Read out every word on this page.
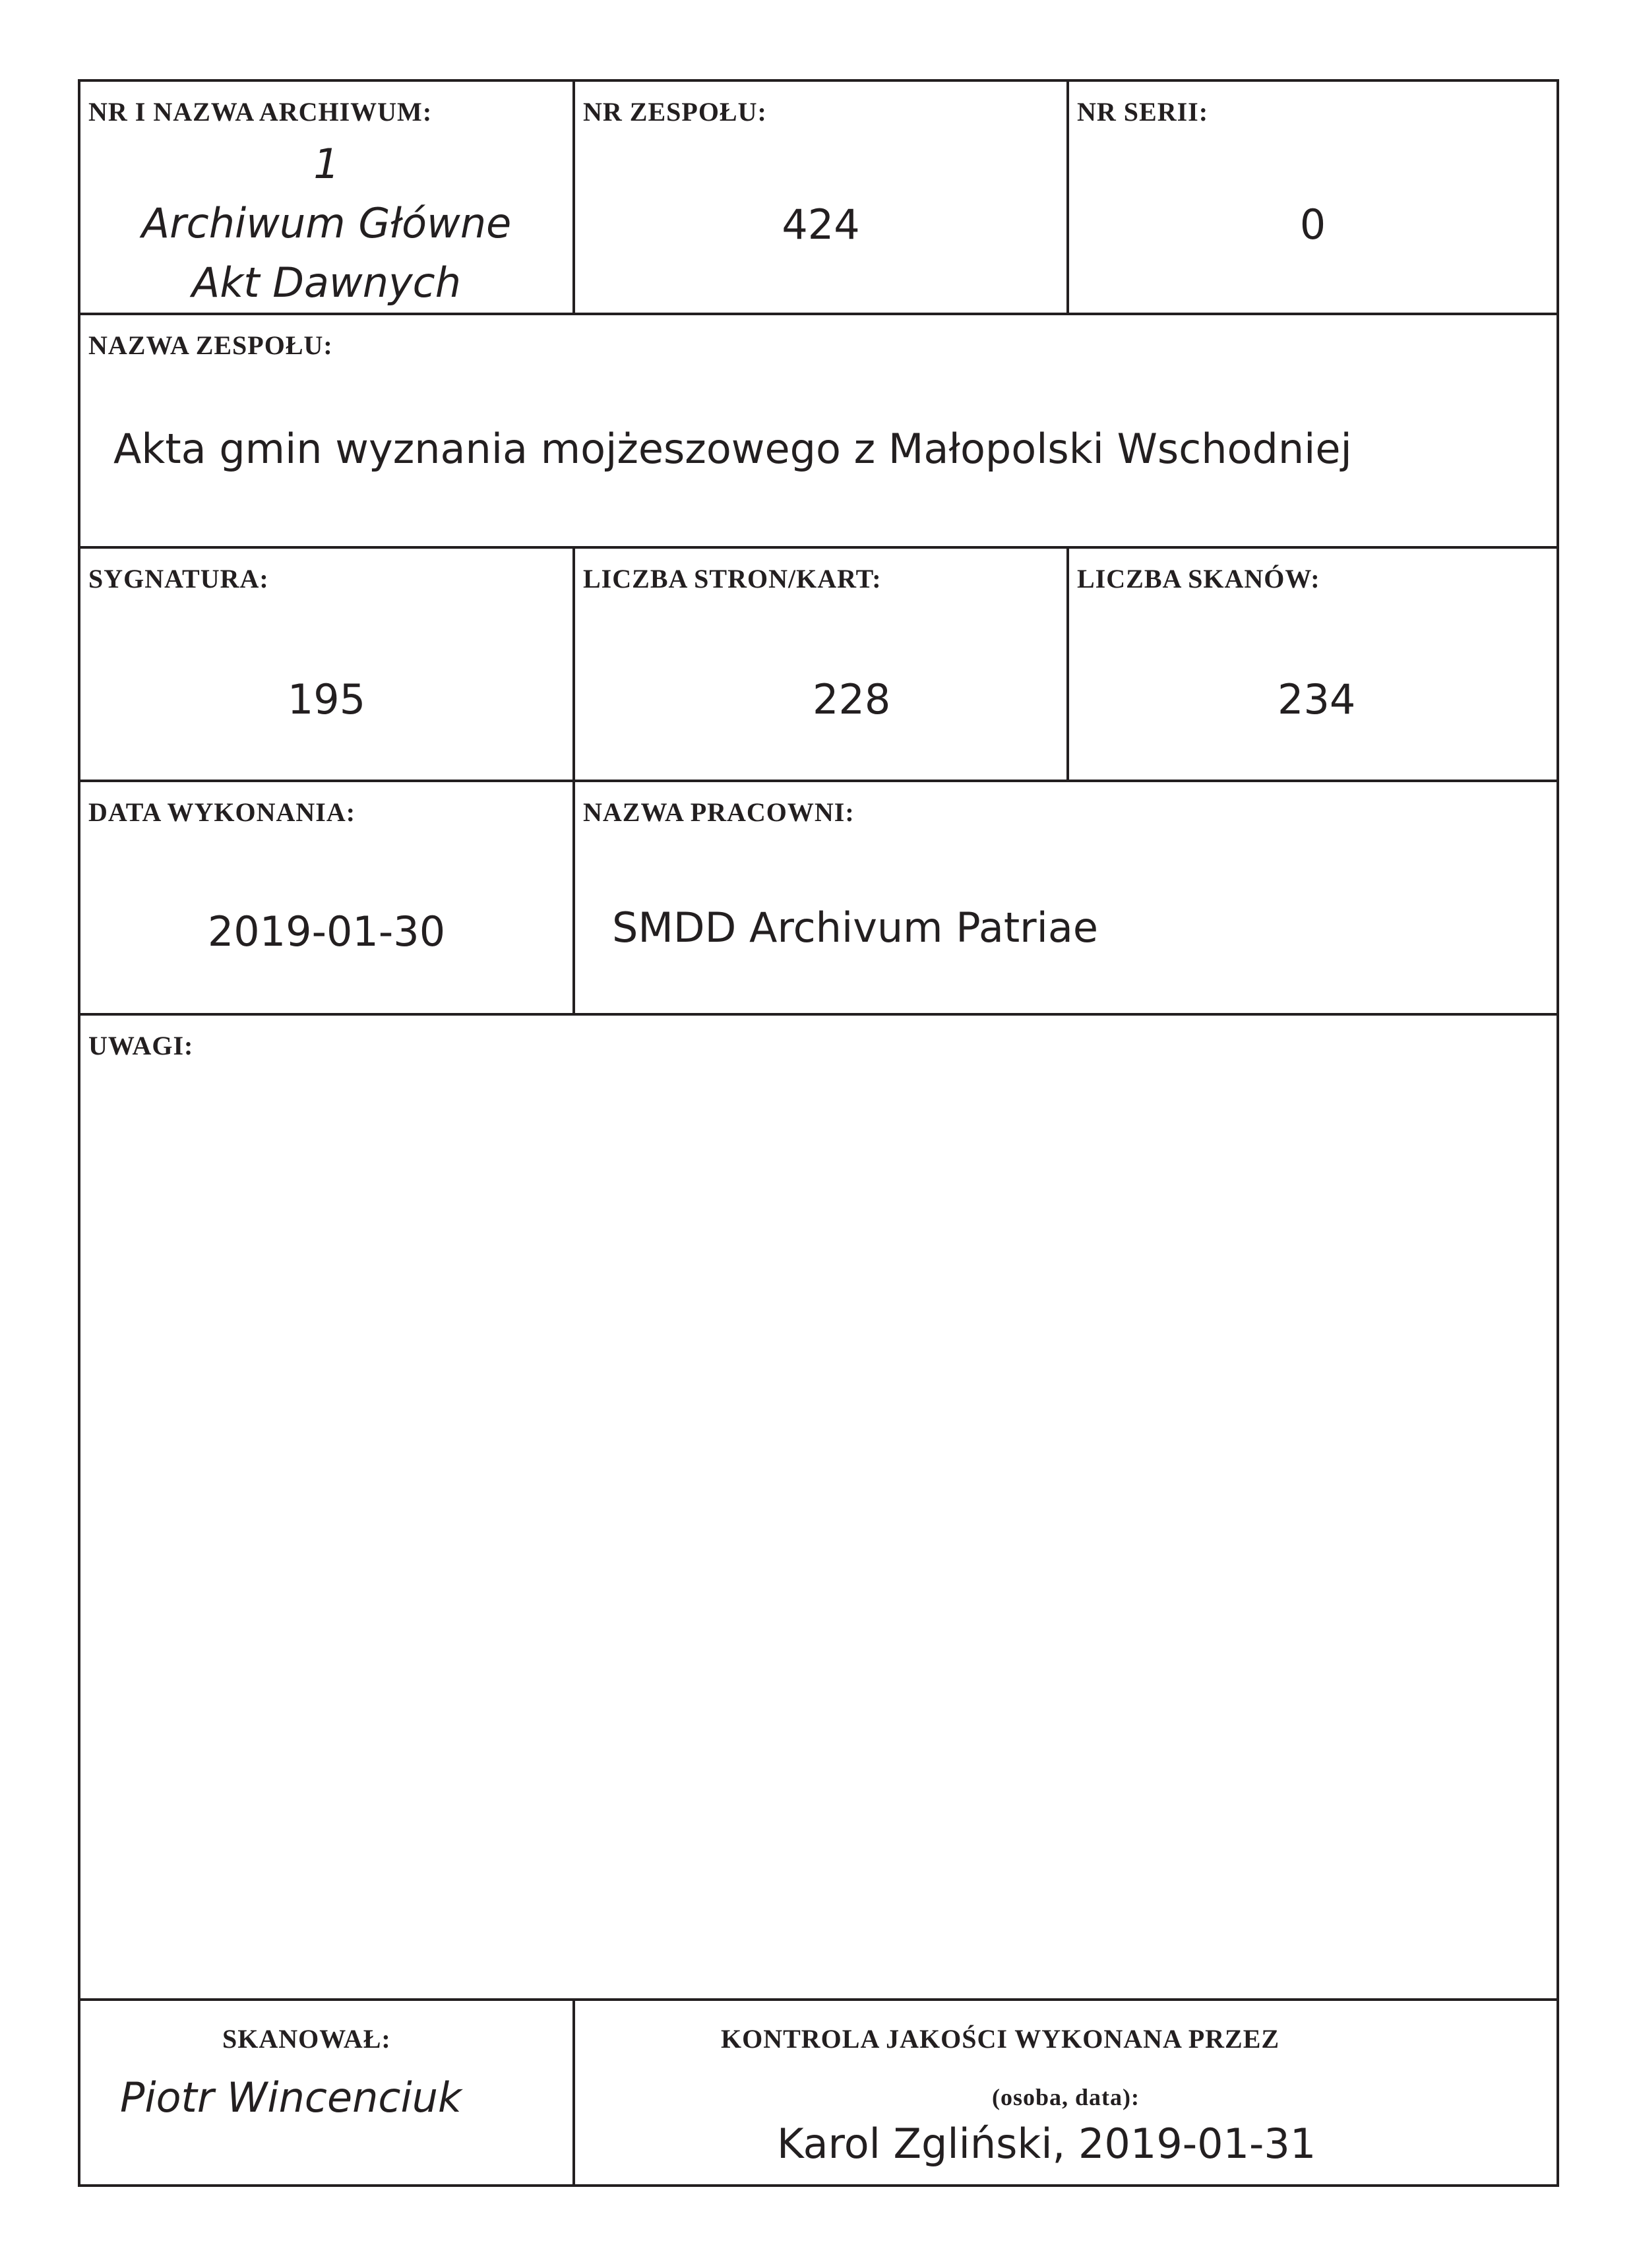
NR I NAZWA ARCHIWUM:
1
Archiwum Główne
Akt Dawnych
NR ZESPOŁU:
424
NR SERII:
0
NAZWA ZESPOŁU:
Akta gmin wyznania mojżeszowego z Małopolski Wschodniej
SYGNATURA:
195
LICZBA STRON/KART:
228
LICZBA SKANÓW:
234
DATA WYKONANIA:
2019-01-30
NAZWA PRACOWNI:
SMDD Archivum Patriae
UWAGI:
SKANOWAŁ:
Piotr Wincenciuk
KONTROLA JAKOŚCI WYKONANA PRZEZ
(osoba, data):
Karol Zgliński, 2019-01-31
